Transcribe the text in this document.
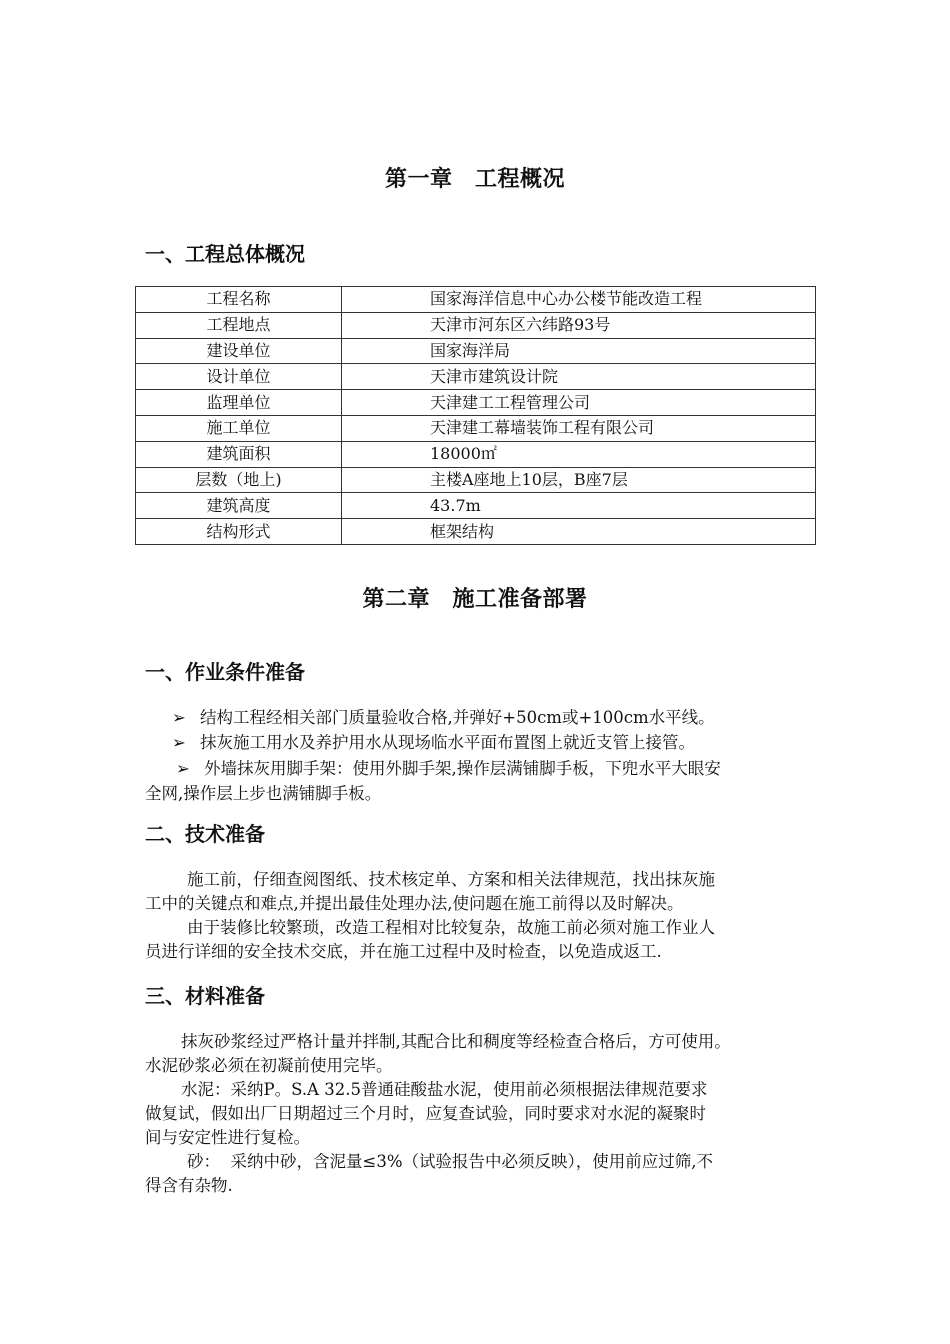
第一章　工程概况
一、工程总体概况
工程名称	国家海洋信息中心办公楼节能改造工程
工程地点	天津市河东区六纬路93号
建设单位	国家海洋局
设计单位	天津市建筑设计院
监理单位	天津建工工程管理公司
施工单位	天津建工幕墙装饰工程有限公司
建筑面积	18000㎡
层数（地上)	主楼A座地上10层，B座7层
建筑高度	43.7m
结构形式	框架结构
第二章　施工准备部署
一、作业条件准备
➢ 结构工程经相关部门质量验收合格,并弹好+50cm或+100cm水平线。
➢ 抹灰施工用水及养护用水从现场临水平面布置图上就近支管上接管。
➢ 外墙抹灰用脚手架：使用外脚手架,操作层满铺脚手板，下兜水平大眼安
全网,操作层上步也满铺脚手板。
二、技术准备
施工前，仔细查阅图纸、技术核定单、方案和相关法律规范，找出抹灰施
工中的关键点和难点,并提出最佳处理办法,使问题在施工前得以及时解决。
由于装修比较繁琐，改造工程相对比较复杂，故施工前必须对施工作业人
员进行详细的安全技术交底，并在施工过程中及时检查，以免造成返工.
三、材料准备
抹灰砂浆经过严格计量并拌制,其配合比和稠度等经检查合格后，方可使用。
水泥砂浆必须在初凝前使用完毕。
水泥：采纳P。S.A 32.5普通硅酸盐水泥，使用前必须根据法律规范要求
做复试，假如出厂日期超过三个月时，应复查试验，同时要求对水泥的凝聚时
间与安定性进行复检。
砂：  采纳中砂，含泥量≤3%（试验报告中必须反映），使用前应过筛,不
得含有杂物.
